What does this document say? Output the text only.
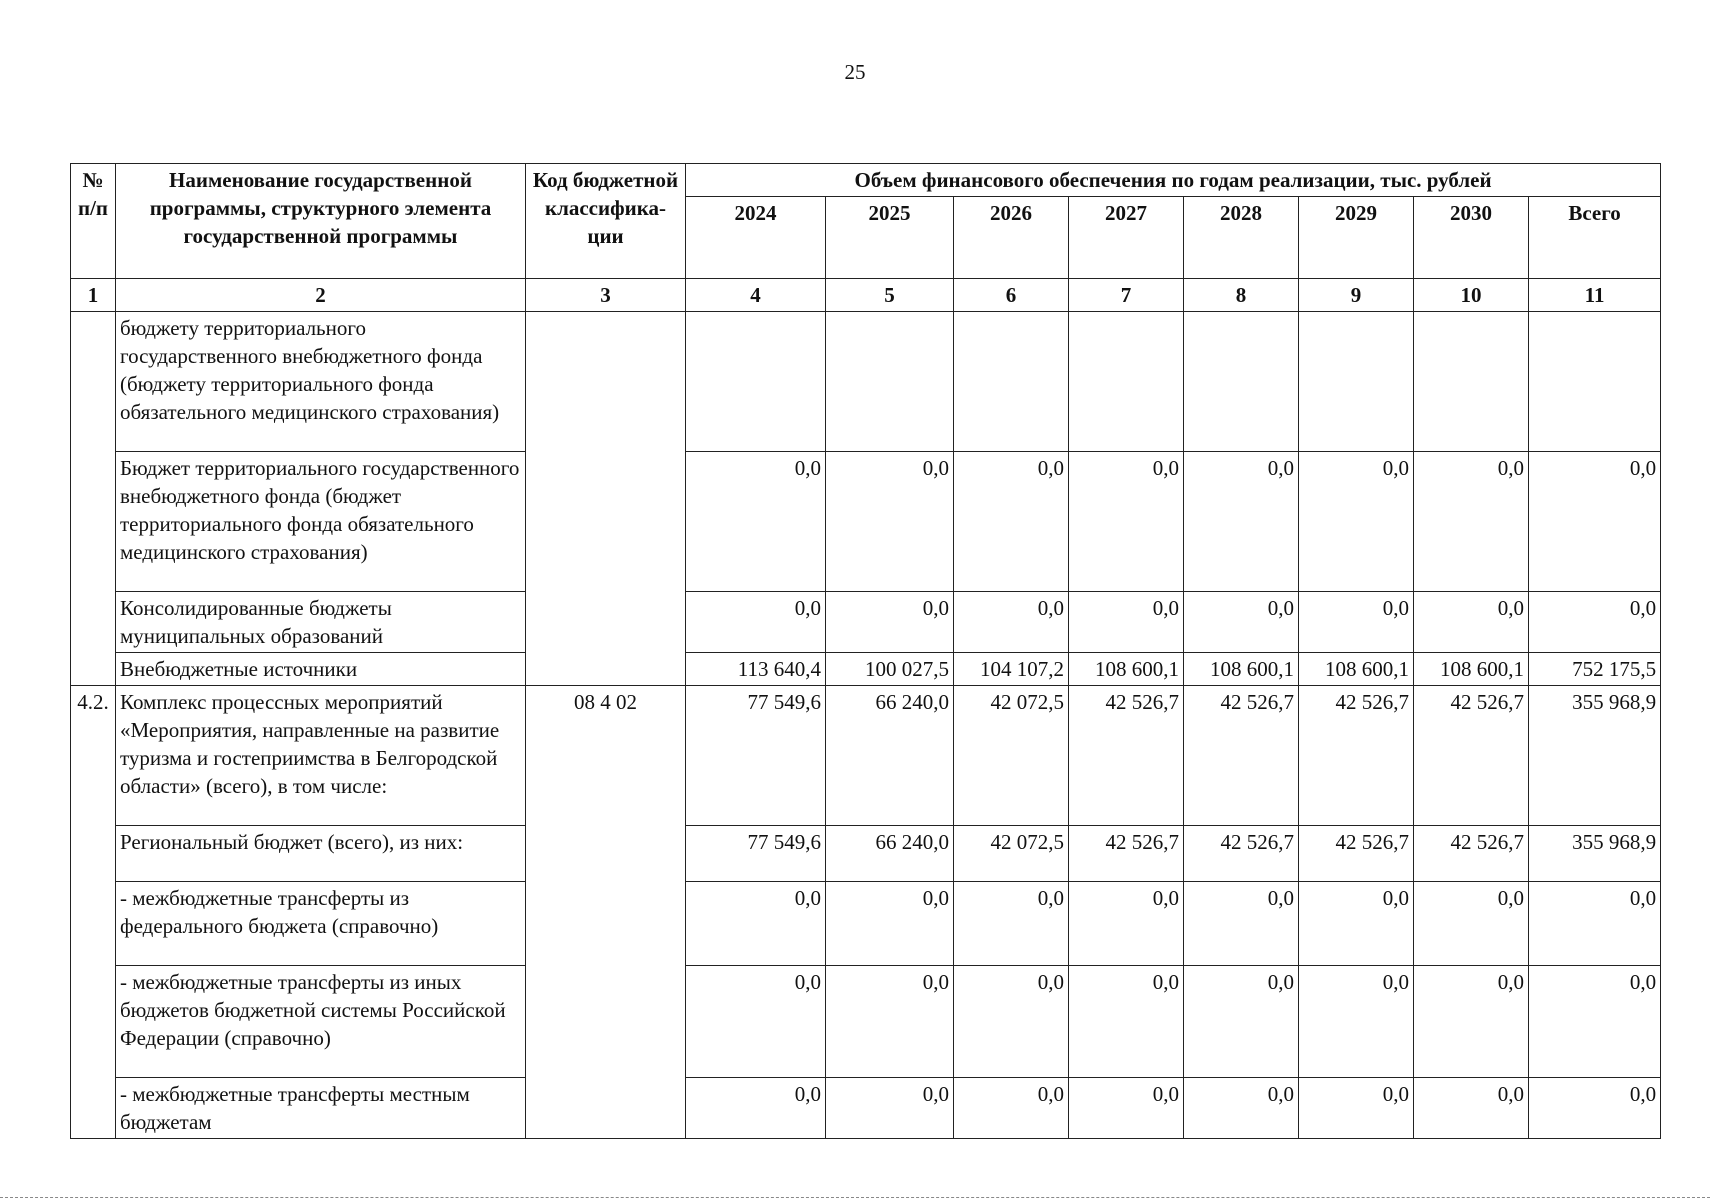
25
№ п/п	Наименование государственной программы, структурного элемента государственной программы	Код бюджетной классифика-ции	Объем финансового обеспечения по годам реализации, тыс. рублей							
			2024	2025	2026	2027	2028	2029	2030	Всего
1	2	3	4	5	6	7	8	9	10	11
	бюджету территориального государственного внебюджетного фонда (бюджету территориального фонда обязательного медицинского страхования)									
	Бюджет территориального государственного внебюджетного фонда (бюджет территориального фонда обязательного медицинского страхования)		0,0	0,0	0,0	0,0	0,0	0,0	0,0	0,0
	Консолидированные бюджеты муниципальных образований		0,0	0,0	0,0	0,0	0,0	0,0	0,0	0,0
	Внебюджетные источники		113 640,4	100 027,5	104 107,2	108 600,1	108 600,1	108 600,1	108 600,1	752 175,5
4.2.	Комплекс процессных мероприятий «Мероприятия, направленные на развитие туризма и гостеприимства в Белгородской области» (всего), в том числе:	08 4 02	77 549,6	66 240,0	42 072,5	42 526,7	42 526,7	42 526,7	42 526,7	355 968,9
	Региональный бюджет (всего), из них:		77 549,6	66 240,0	42 072,5	42 526,7	42 526,7	42 526,7	42 526,7	355 968,9
	- межбюджетные трансферты из федерального бюджета (справочно)		0,0	0,0	0,0	0,0	0,0	0,0	0,0	0,0
	- межбюджетные трансферты из иных бюджетов бюджетной системы Российской Федерации (справочно)		0,0	0,0	0,0	0,0	0,0	0,0	0,0	0,0
	- межбюджетные трансферты местным бюджетам		0,0	0,0	0,0	0,0	0,0	0,0	0,0	0,0
